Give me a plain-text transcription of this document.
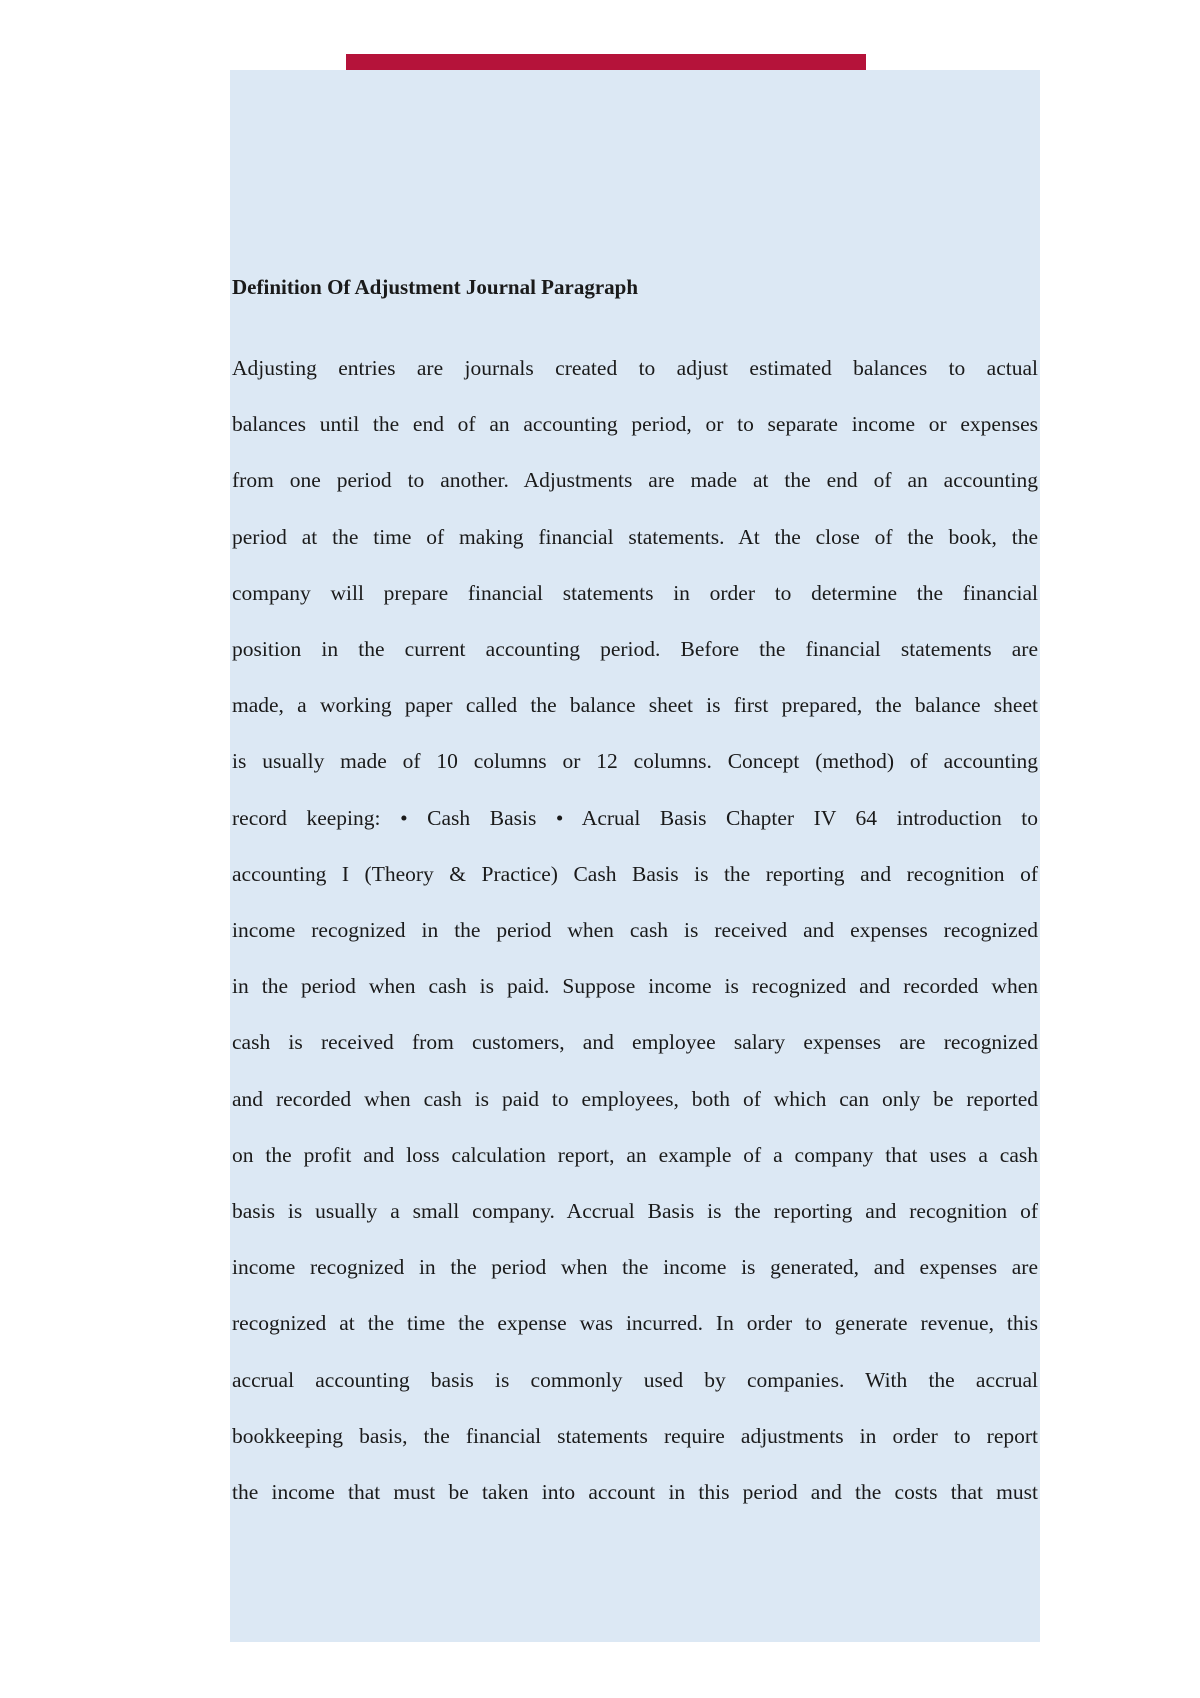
Definition Of Adjustment Journal Paragraph
Adjusting entries are journals created to adjust estimated balances to actual
balances until the end of an accounting period, or to separate income or expenses
from one period to another. Adjustments are made at the end of an accounting
period at the time of making financial statements. At the close of the book, the
company will prepare financial statements in order to determine the financial
position in the current accounting period. Before the financial statements are
made, a working paper called the balance sheet is first prepared, the balance sheet
is usually made of 10 columns or 12 columns. Concept (method) of accounting
record keeping: • Cash Basis • Acrual Basis Chapter IV 64 introduction to
accounting I (Theory & Practice) Cash Basis is the reporting and recognition of
income recognized in the period when cash is received and expenses recognized
in the period when cash is paid. Suppose income is recognized and recorded when
cash is received from customers, and employee salary expenses are recognized
and recorded when cash is paid to employees, both of which can only be reported
on the profit and loss calculation report, an example of a company that uses a cash
basis is usually a small company. Accrual Basis is the reporting and recognition of
income recognized in the period when the income is generated, and expenses are
recognized at the time the expense was incurred. In order to generate revenue, this
accrual accounting basis is commonly used by companies. With the accrual
bookkeeping basis, the financial statements require adjustments in order to report
the income that must be taken into account in this period and the costs that must
